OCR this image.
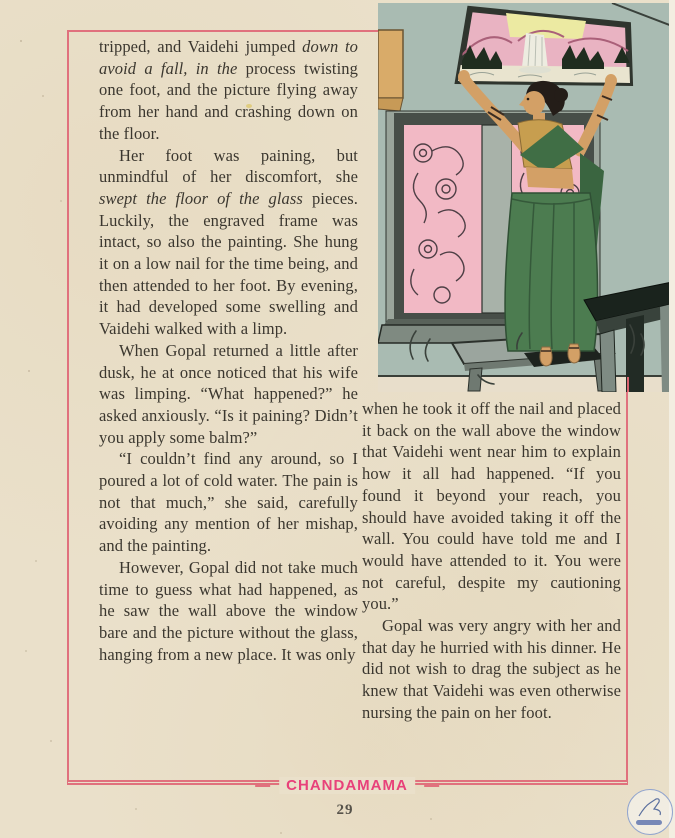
tripped, and Vaidehi jumped down to avoid a fall, in the process twisting one foot, and the picture flying away from her hand and crashing down on the floor.

Her foot was paining, but unmindful of her discomfort, she swept the floor of the glass pieces. Luckily, the engraved frame was intact, so also the painting. She hung it on a low nail for the time being, and then attended to her foot. By evening, it had developed some swelling and Vaidehi walked with a limp.

When Gopal returned a little after dusk, he at once noticed that his wife was limping. “What happened?” he asked anxiously. “Is it paining? Didn’t you apply some balm?”

“I couldn’t find any around, so I poured a lot of cold water. The pain is not that much,” she said, carefully avoiding any mention of her mishap, and the painting.

However, Gopal did not take much time to guess what had happened, as he saw the wall above the window bare and the picture without the glass, hanging from a new place. It was only

when he took it off the nail and placed it back on the wall above the window that Vaidehi went near him to explain how it all had happened. “If you found it beyond your reach, you should have avoided taking it off the wall. You could have told me and I would have attended to it. You were not careful, despite my cautioning you.”

Gopal was very angry with her and that day he hurried with his dinner. He did not wish to drag the subject as he knew that Vaidehi was even otherwise nursing the pain on her foot.

CHANDAMAMA
29
